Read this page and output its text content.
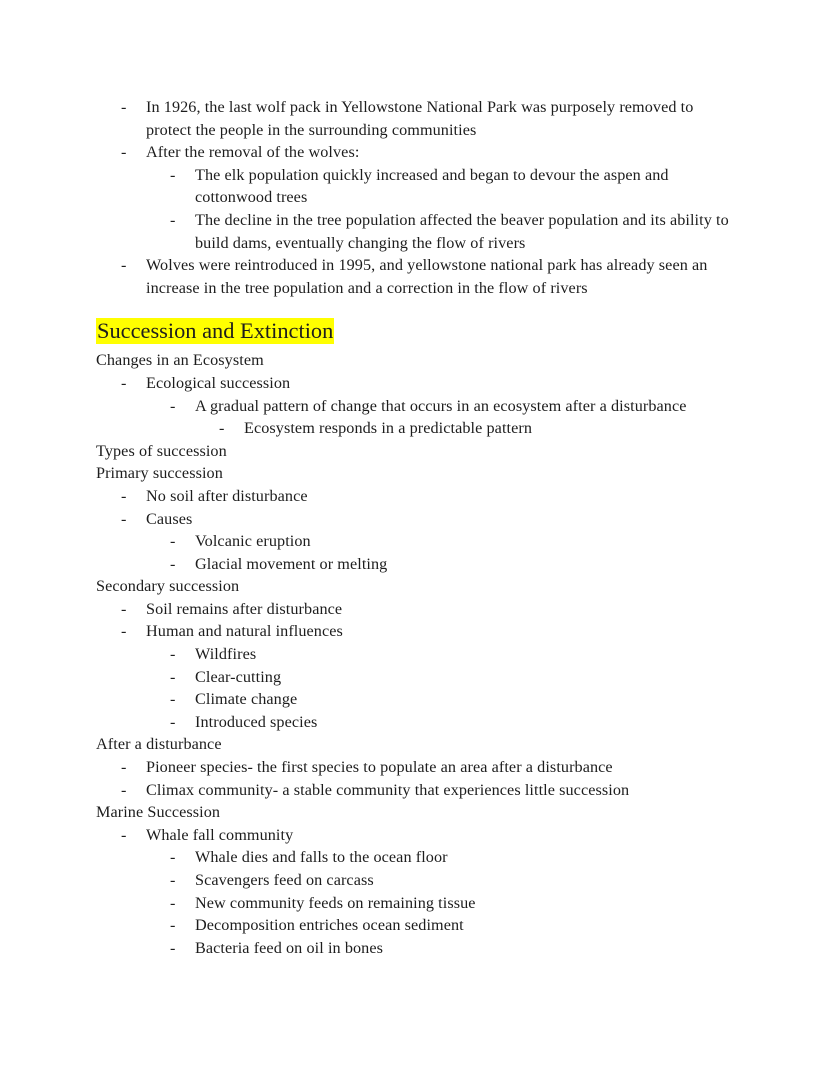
-	In 1926, the last wolf pack in Yellowstone National Park was purposely removed to protect the people in the surrounding communities
-	After the removal of the wolves:
-	The elk population quickly increased and began to devour the aspen and cottonwood trees
-	The decline in the tree population affected the beaver population and its ability to build dams, eventually changing the flow of rivers
-	Wolves were reintroduced in 1995, and yellowstone national park has already seen an increase in the tree population and a correction in the flow of rivers
Succession and Extinction
Changes in an Ecosystem
-	Ecological succession
-	A gradual pattern of change that occurs in an ecosystem after a disturbance
-	Ecosystem responds in a predictable pattern
Types of succession
Primary succession
-	No soil after disturbance
-	Causes
-	Volcanic eruption
-	Glacial movement or melting
Secondary succession
-	Soil remains after disturbance
-	Human and natural influences
-	Wildfires
-	Clear-cutting
-	Climate change
-	Introduced species
After a disturbance
-	Pioneer species- the first species to populate an area after a disturbance
-	Climax community- a stable community that experiences little succession
Marine Succession
-	Whale fall community
-	Whale dies and falls to the ocean floor
-	Scavengers feed on carcass
-	New community feeds on remaining tissue
-	Decomposition entriches ocean sediment
-	Bacteria feed on oil in bones
